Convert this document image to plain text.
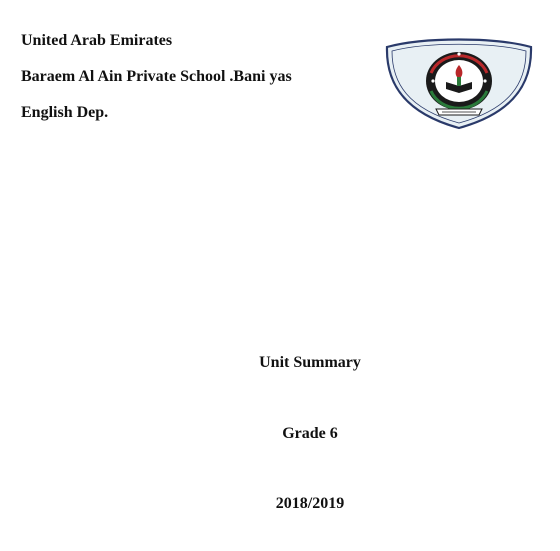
United Arab Emirates
Baraem Al Ain Private School .Bani yas
English Dep.
Unit Summary
Grade 6
2018/2019
